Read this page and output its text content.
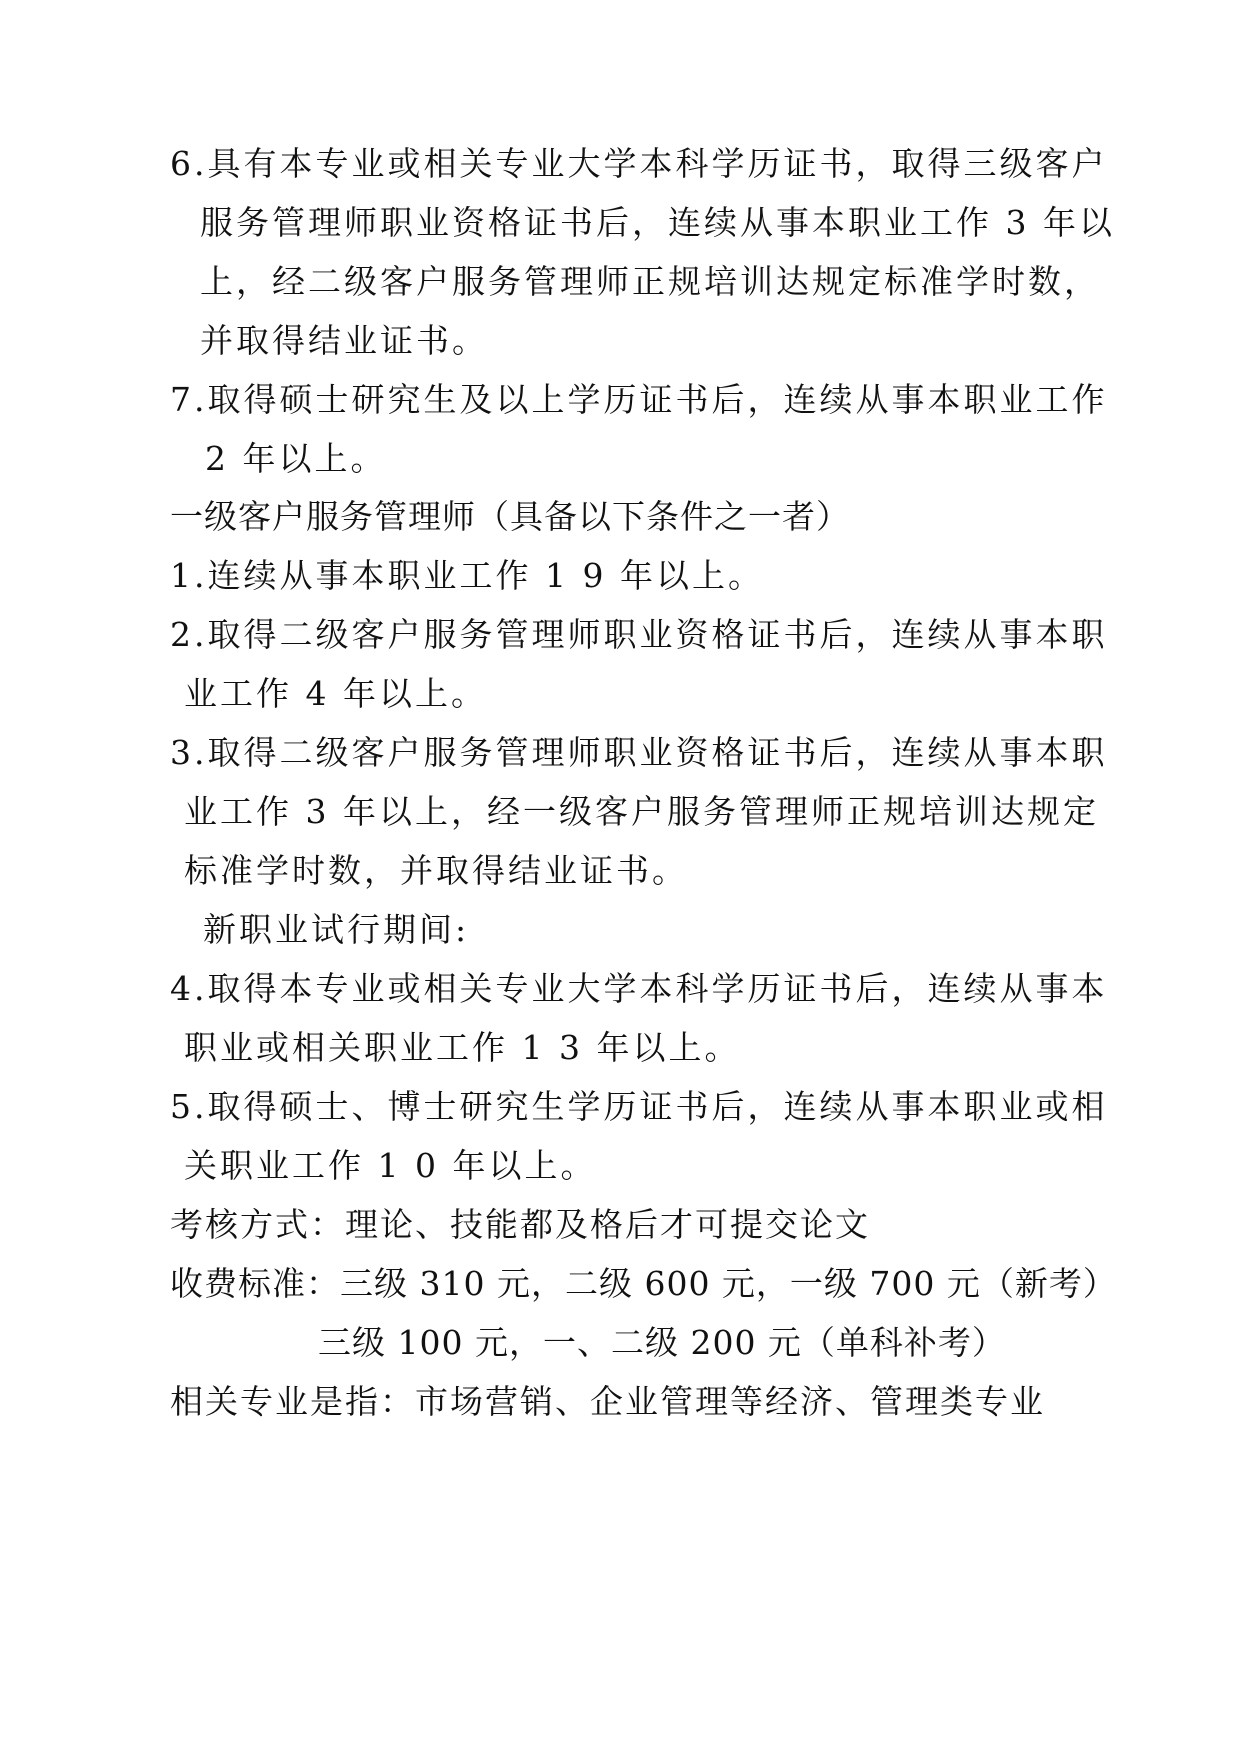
6.具有本专业或相关专业大学本科学历证书，取得三级客户
服务管理师职业资格证书后，连续从事本职业工作 3 年以
上，经二级客户服务管理师正规培训达规定标准学时数，
并取得结业证书。
7.取得硕士研究生及以上学历证书后，连续从事本职业工作
2 年以上。
一级客户服务管理师（具备以下条件之一者）
1.连续从事本职业工作 1 9 年以上。
2.取得二级客户服务管理师职业资格证书后，连续从事本职
业工作 4 年以上。
3.取得二级客户服务管理师职业资格证书后，连续从事本职
业工作 3 年以上，经一级客户服务管理师正规培训达规定
标准学时数，并取得结业证书。
新职业试行期间:
4.取得本专业或相关专业大学本科学历证书后，连续从事本
职业或相关职业工作 1 3 年以上。
5.取得硕士、博士研究生学历证书后，连续从事本职业或相
关职业工作 1 0 年以上。
考核方式：理论、技能都及格后才可提交论文
收费标准：三级 310 元，二级 600 元，一级 700 元（新考）
三级 100 元，一、二级 200 元（单科补考）
相关专业是指：市场营销、企业管理等经济、管理类专业
